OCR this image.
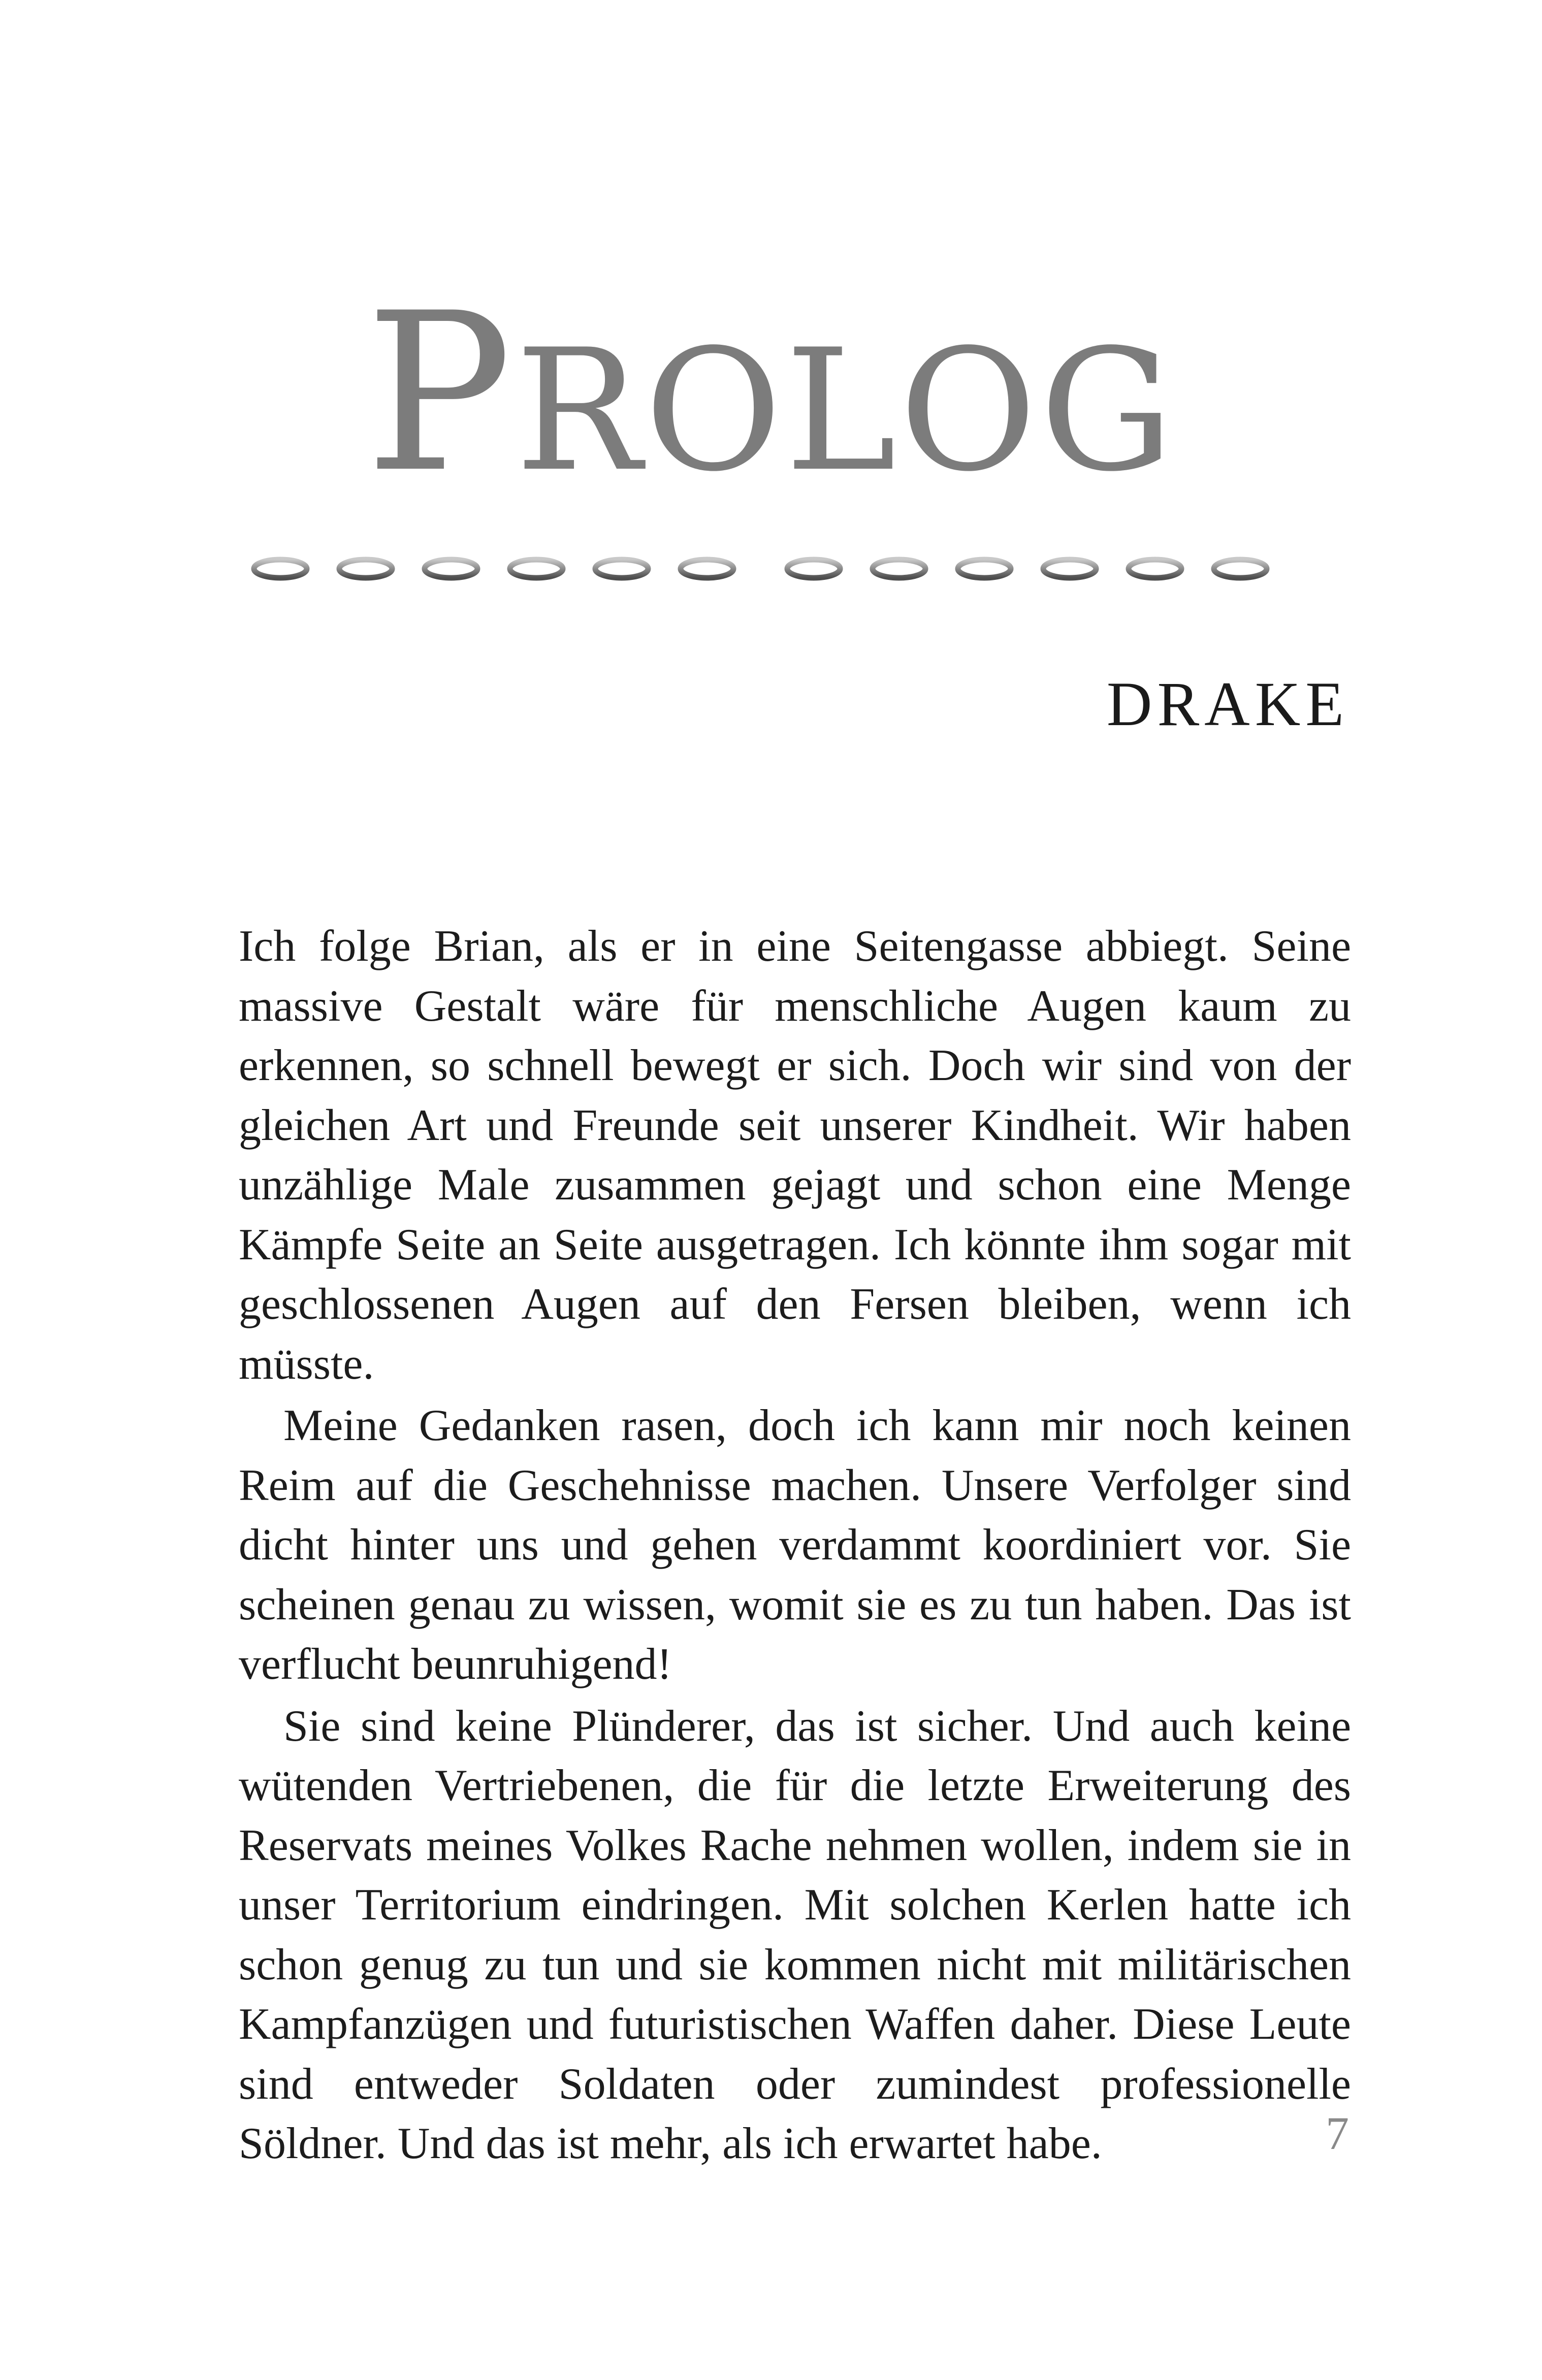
PROLOG
DRAKE

Ich folge Brian, als er in eine Seitengasse abbiegt. Seine massive Gestalt wäre für menschliche Augen kaum zu erkennen, so schnell bewegt er sich. Doch wir sind von der gleichen Art und Freunde seit unserer Kindheit. Wir haben unzählige Male zusammen gejagt und schon eine Menge Kämpfe Seite an Seite ausgetragen. Ich könnte ihm sogar mit geschlossenen Augen auf den Fersen bleiben, wenn ich müsste.

Meine Gedanken rasen, doch ich kann mir noch keinen Reim auf die Geschehnisse machen. Unsere Verfolger sind dicht hinter uns und gehen verdammt koordiniert vor. Sie scheinen genau zu wissen, womit sie es zu tun haben. Das ist verflucht beunruhigend!

Sie sind keine Plünderer, das ist sicher. Und auch keine wütenden Vertriebenen, die für die letzte Erweiterung des Reservats meines Volkes Rache nehmen wollen, indem sie in unser Territorium eindringen. Mit solchen Kerlen hatte ich schon genug zu tun und sie kommen nicht mit militärischen Kampfanzügen und futuristischen Waffen daher. Diese Leute sind entweder Soldaten oder zumindest professionelle Söldner. Und das ist mehr, als ich erwartet habe.	7
